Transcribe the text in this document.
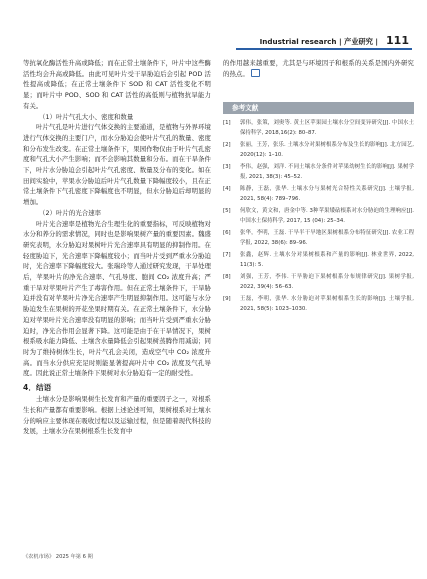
Industrial research | 产业研究 | 111

等抗氧化酶活性升高或降低；而在正常土壤条件下，叶片中这些酶活性均会升高或降低。由此可见叶片受干旱胁迫后会引起 POD 活性提高或降低；在正常土壤条件下 SOD 和 CAT 活性变化不明显；而叶片中 POD、SOD 和 CAT 活性的高低则与植物抗旱能力有关。

（1）叶片气孔大小、密度和数量

叶片气孔是叶片进行气体交换的主要通道，是植物与外界环境进行气体交换的主要门户，而水分胁迫会使叶片气孔的数量、密度和分布发生改变。在正常土壤条件下，果园作物仅由于叶片气孔密度和气孔大小产生影响；而不会影响其数量和分布。而在干旱条件下，叶片水分胁迫会引起叶片气孔密度、数量及分布的变化。如在田间实验中，苹果水分胁迫后叶片气孔数量下降幅度较小，且在正常土壤条件下气孔密度下降幅度也不明显，但水分胁迫后却明显的增加。

（2）叶片的光合速率

叶片光合速率是植物光合生理生化的重要指标，可反映植物对水分和养分的需求情况，同时也是影响果树产量的重要因素。魏盛研究表明，水分胁迫对果树叶片光合速率具有明显的抑制作用。在轻度胁迫下，光合速率下降幅度较小；而当叶片受到严重水分胁迫时，光合速率下降幅度较大。张瑞玲等人通过研究发现，干旱处理后，苹果叶片的净光合速率、气孔导度、胞间 CO₂ 浓度升高；严重干旱对苹果叶片产生了毒害作用。但在正常土壤条件下，干旱胁迫并没有对苹果叶片净光合速率产生明显抑制作用。这可能与水分胁迫发生在果树的开花坐果时期有关。在正常土壤条件下，水分胁迫对苹果叶片光合速率没有明显的影响；而当叶片受到严重水分胁迫时，净光合作用会显著下降。这可能是由于在干旱情况下，果树根系吸水能力降低、土壤含水量降低会引起果树蒸腾作用减弱；同时为了维持树体生长，叶片气孔会关闭，造成空气中 CO₂ 浓度升高。而当水分供应充足时则能显著提高叶片中 CO₂ 浓度及气孔导度。因此说正常土壤条件下果树对水分胁迫有一定的耐受性。

4．结语

土壤水分是影响果树生长发育和产量的重要因子之一，对根系生长和产量都有重要影响。根据上述论述可知，果树根系对土壤水分的响应主要体现在吸收过程以及运输过程，但是随着现代科技的发展，土壤水分在果树根系生长发育中

的作用越来越重要，尤其是与环境因子和根系的关系是国内外研究的热点。

参考文献
[1]	郭伟，张策，刘奥等. 黄土区苹果园土壤水分空间变异研究[J]. 中国水土保持科学, 2018,16(2): 80–87.
[2]	张丽，王芳，张乐. 土壤水分对果树根系分布及生长的影响[J]. 北方园艺, 2020(12): 1–10.
[3]	李伟，赵强，刘洋. 不同土壤水分条件对苹果幼树生长的影响[J]. 果树学报, 2021, 38(3): 45–52.
[4]	陈静，王磊，张华. 土壤水分与果树光合特性关系研究[J]. 土壤学报, 2021, 58(4): 789–796.
[5]	何欣文，黄文和，唐金中等. 3种苹果矮砧根系对水分胁迫的生理响应[J]. 中国水土保持科学, 2017, 15 (04): 25–34.
[6]	张华，李明，王磊. 干旱半干旱地区果树根系分布特征研究[J]. 农业工程学报, 2022, 38(6): 89–96.
[7]	张鑫，赵辉. 土壤水分对果树根系和产量的影响[J]. 林业世界, 2022, 11(3): 5.
[8]	刘强，王芳，李伟. 干旱胁迫下果树根系分布规律研究[J]. 果树学报, 2022, 39(4): 56–63.
[9]	王磊，李明，张华. 水分胁迫对苹果树根系生长的影响[J]. 土壤学报, 2021, 58(5): 1023–1030.
《农机市场》 2025 年第 6 期
